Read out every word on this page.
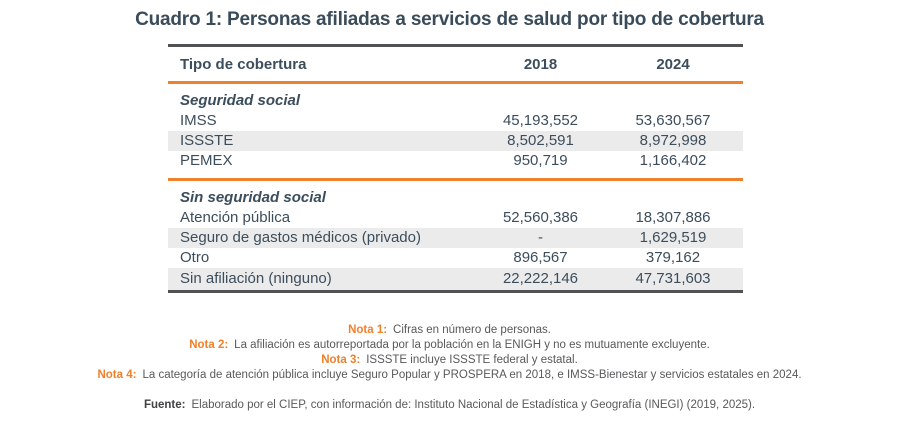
Cuadro 1: Personas afiliadas a servicios de salud por tipo de cobertura
Tipo de cobertura	2018	2024
Seguridad social		
IMSS	45,193,552	53,630,567
ISSSTE	8,502,591	8,972,998
PEMEX	950,719	1,166,402

Sin seguridad social		
Atención pública	52,560,386	18,307,886
Seguro de gastos médicos (privado)	-	1,629,519
Otro	896,567	379,162
Sin afiliación (ninguno)	22,222,146	47,731,603
Nota 1: Cifras en número de personas.
Nota 2: La afiliación es autorreportada por la población en la ENIGH y no es mutuamente excluyente.
Nota 3: ISSSTE incluye ISSSTE federal y estatal.
Nota 4: La categoría de atención pública incluye Seguro Popular y PROSPERA en 2018, e IMSS-Bienestar y servicios estatales en 2024.
Fuente: Elaborado por el CIEP, con información de: Instituto Nacional de Estadística y Geografía (INEGI) (2019, 2025).
